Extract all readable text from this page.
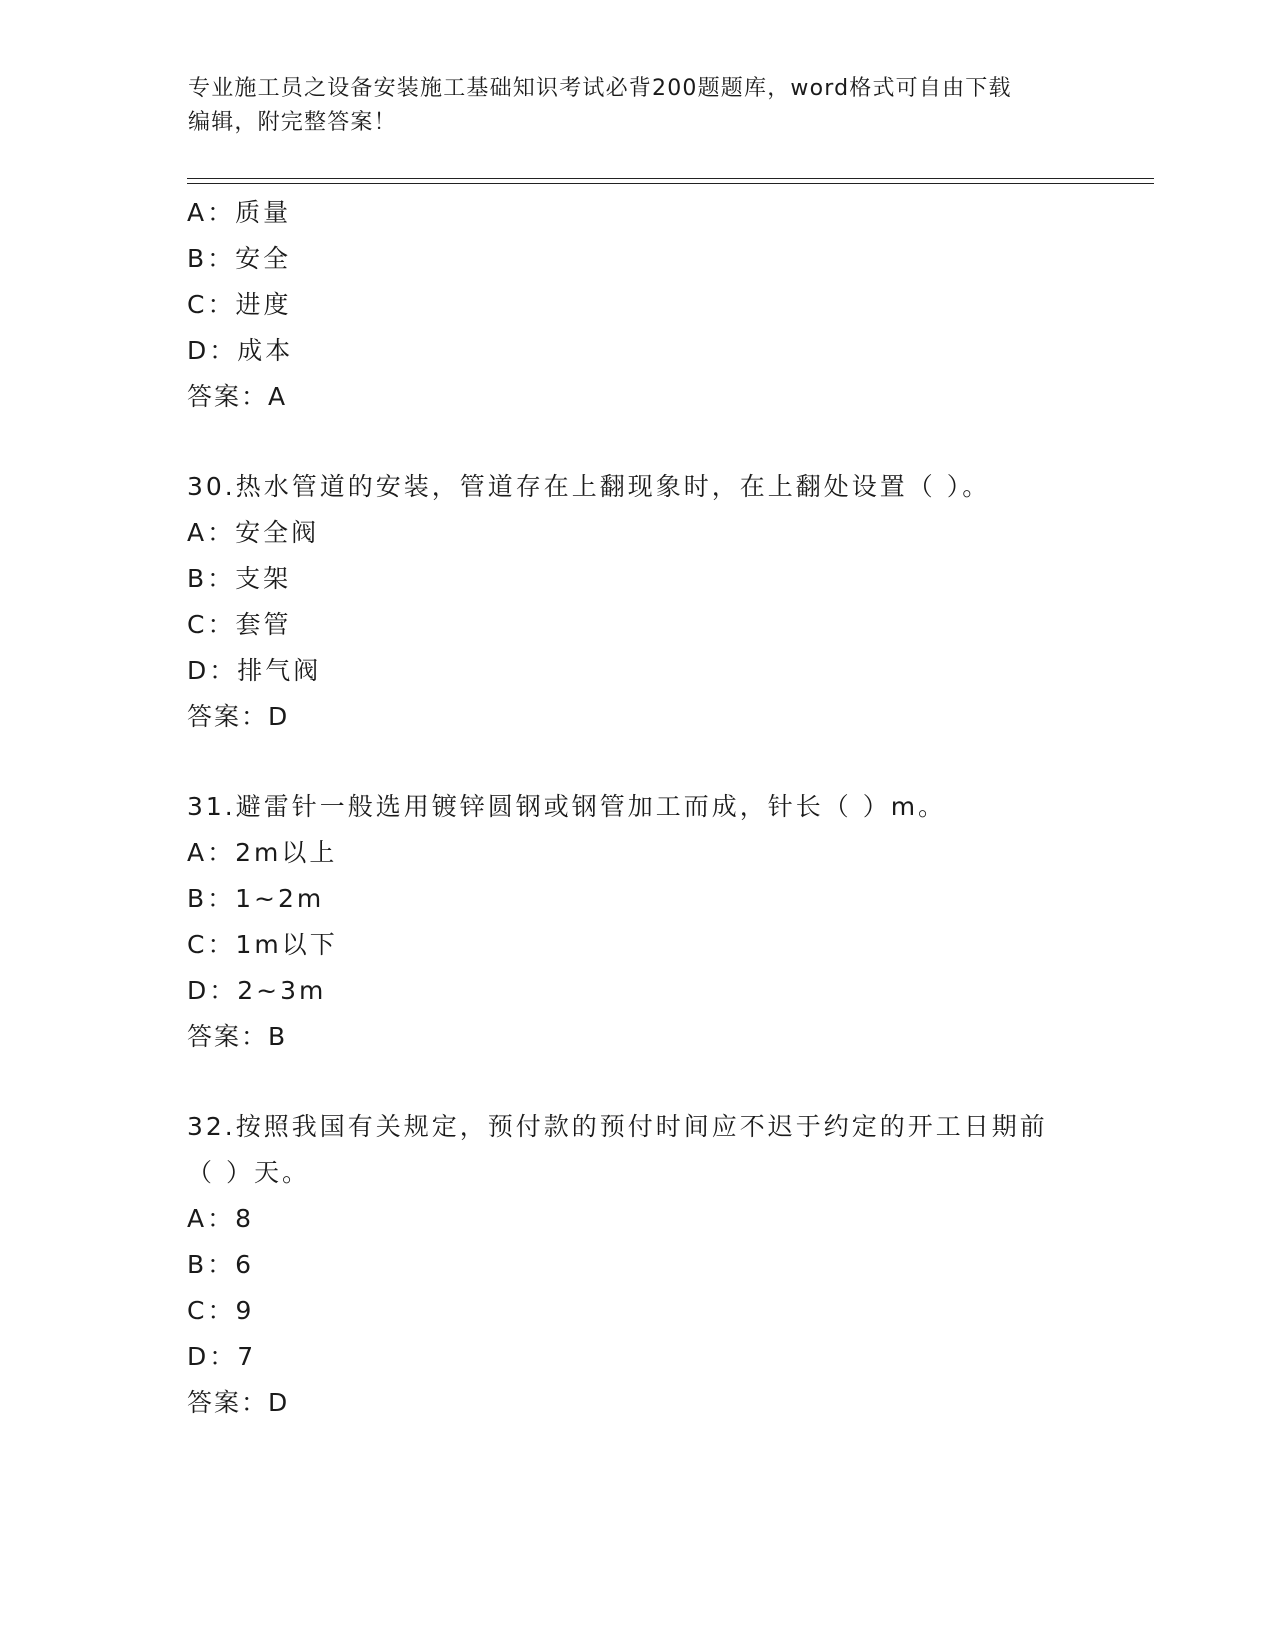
专业施工员之设备安装施工基础知识考试必背200题题库，word格式可自由下载
编辑，附完整答案！
A：质量
B：安全
C：进度
D：成本
答案：A
30.热水管道的安装，管道存在上翻现象时，在上翻处设置（ ）。
A：安全阀
B：支架
C：套管
D：排气阀
答案：D
31.避雷针一般选用镀锌圆钢或钢管加工而成，针长（ ）m。
A：2m以上
B：1~2m
C：1m以下
D：2~3m
答案：B
32.按照我国有关规定，预付款的预付时间应不迟于约定的开工日期前
（ ）天。
A：8
B：6
C：9
D：7
答案：D
